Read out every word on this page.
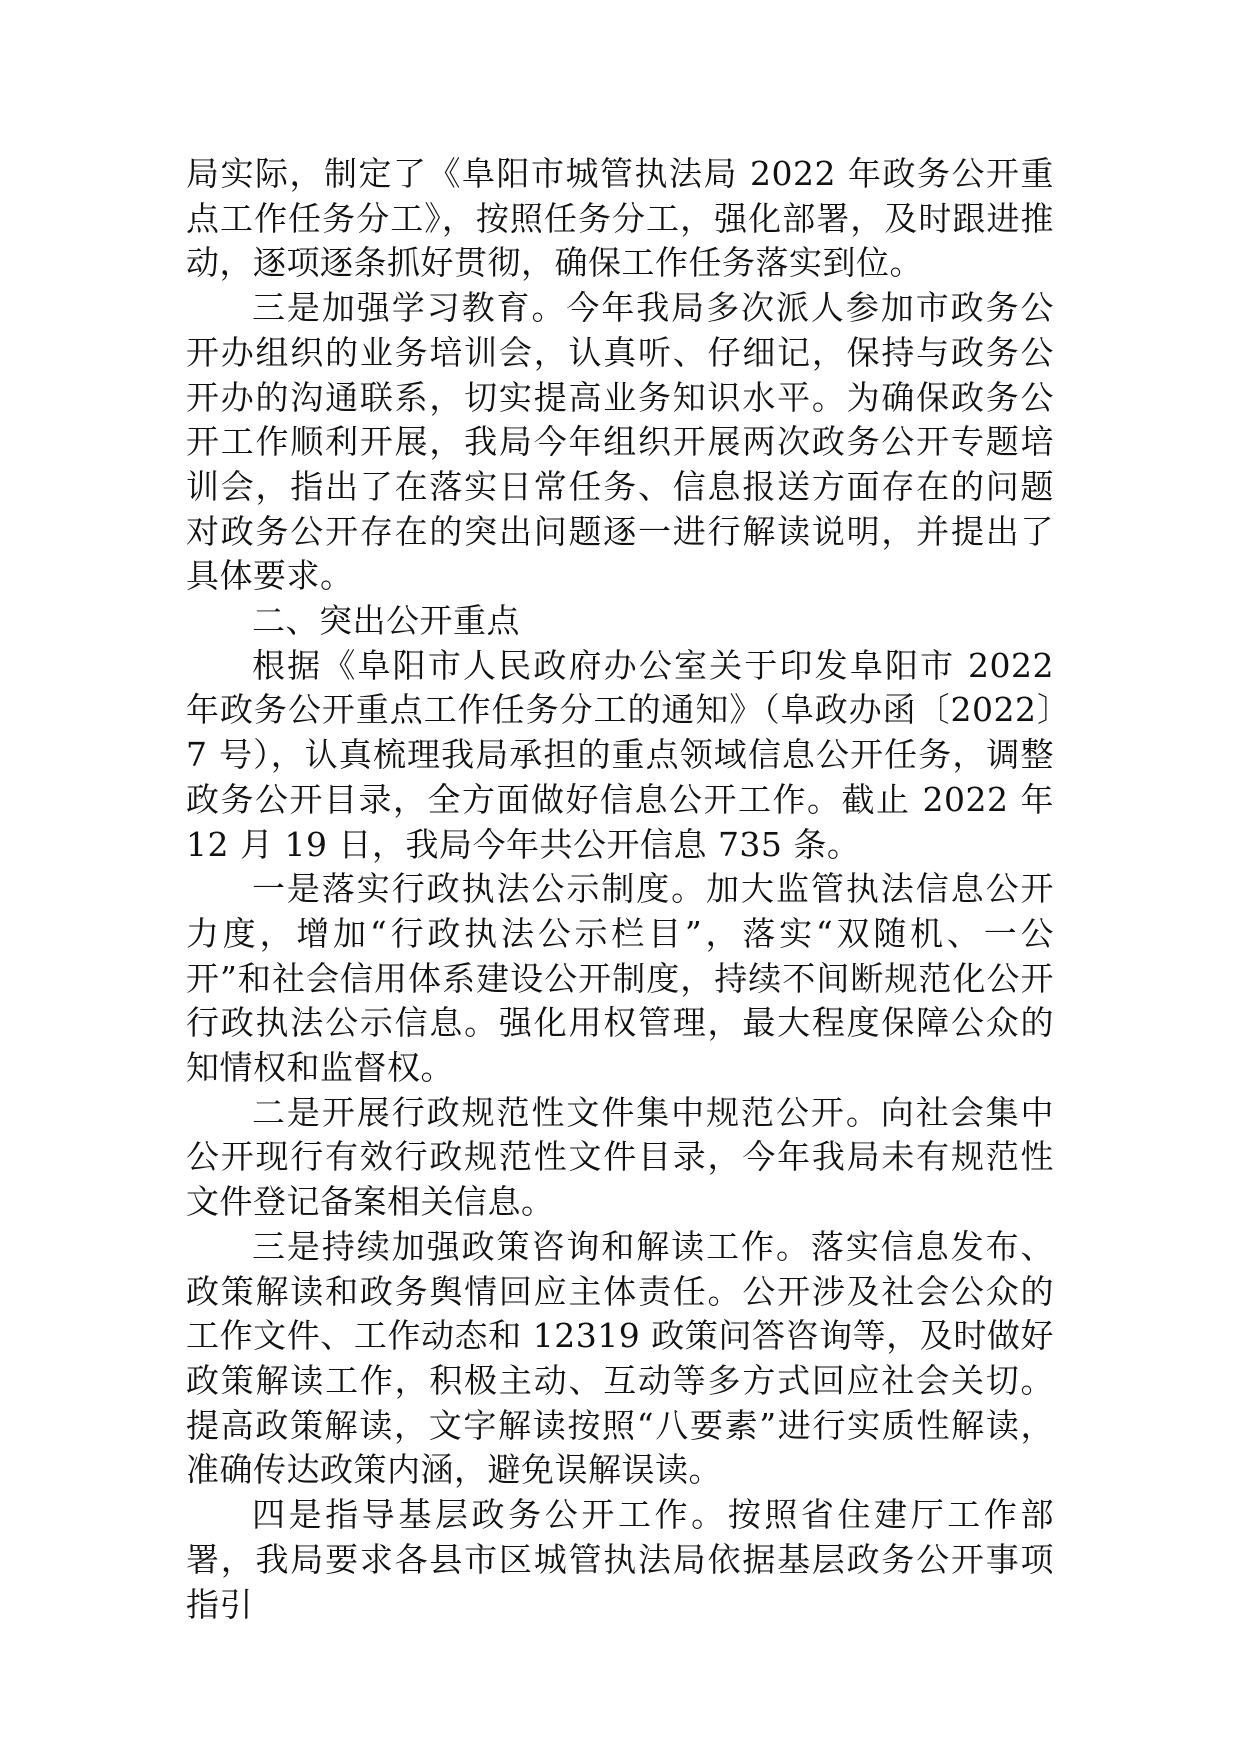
局实际，制定了《阜阳市城管执法局 2022 年政务公开重点工作任务分工》，按照任务分工，强化部署，及时跟进推动，逐项逐条抓好贯彻，确保工作任务落实到位。

三是加强学习教育。今年我局多次派人参加市政务公开办组织的业务培训会，认真听、仔细记，保持与政务公开办的沟通联系，切实提高业务知识水平。为确保政务公开工作顺利开展，我局今年组织开展两次政务公开专题培训会，指出了在落实日常任务、信息报送方面存在的问题对政务公开存在的突出问题逐一进行解读说明，并提出了具体要求。

二、突出公开重点

根据《阜阳市人民政府办公室关于印发阜阳市 2022 年政务公开重点工作任务分工的通知》（阜政办函〔2022〕7 号），认真梳理我局承担的重点领域信息公开任务，调整政务公开目录，全方面做好信息公开工作。截止 2022 年 12 月 19 日，我局今年共公开信息 735 条。

一是落实行政执法公示制度。加大监管执法信息公开力度，增加“行政执法公示栏目”，落实“双随机、一公开”和社会信用体系建设公开制度，持续不间断规范化公开行政执法公示信息。强化用权管理，最大程度保障公众的知情权和监督权。

二是开展行政规范性文件集中规范公开。向社会集中公开现行有效行政规范性文件目录，今年我局未有规范性文件登记备案相关信息。

三是持续加强政策咨询和解读工作。落实信息发布、政策解读和政务舆情回应主体责任。公开涉及社会公众的工作文件、工作动态和 12319 政策问答咨询等，及时做好政策解读工作，积极主动、互动等多方式回应社会关切。提高政策解读，文字解读按照“八要素”进行实质性解读，准确传达政策内涵，避免误解误读。

四是指导基层政务公开工作。按照省住建厅工作部署，我局要求各县市区城管执法局依据基层政务公开事项指引
